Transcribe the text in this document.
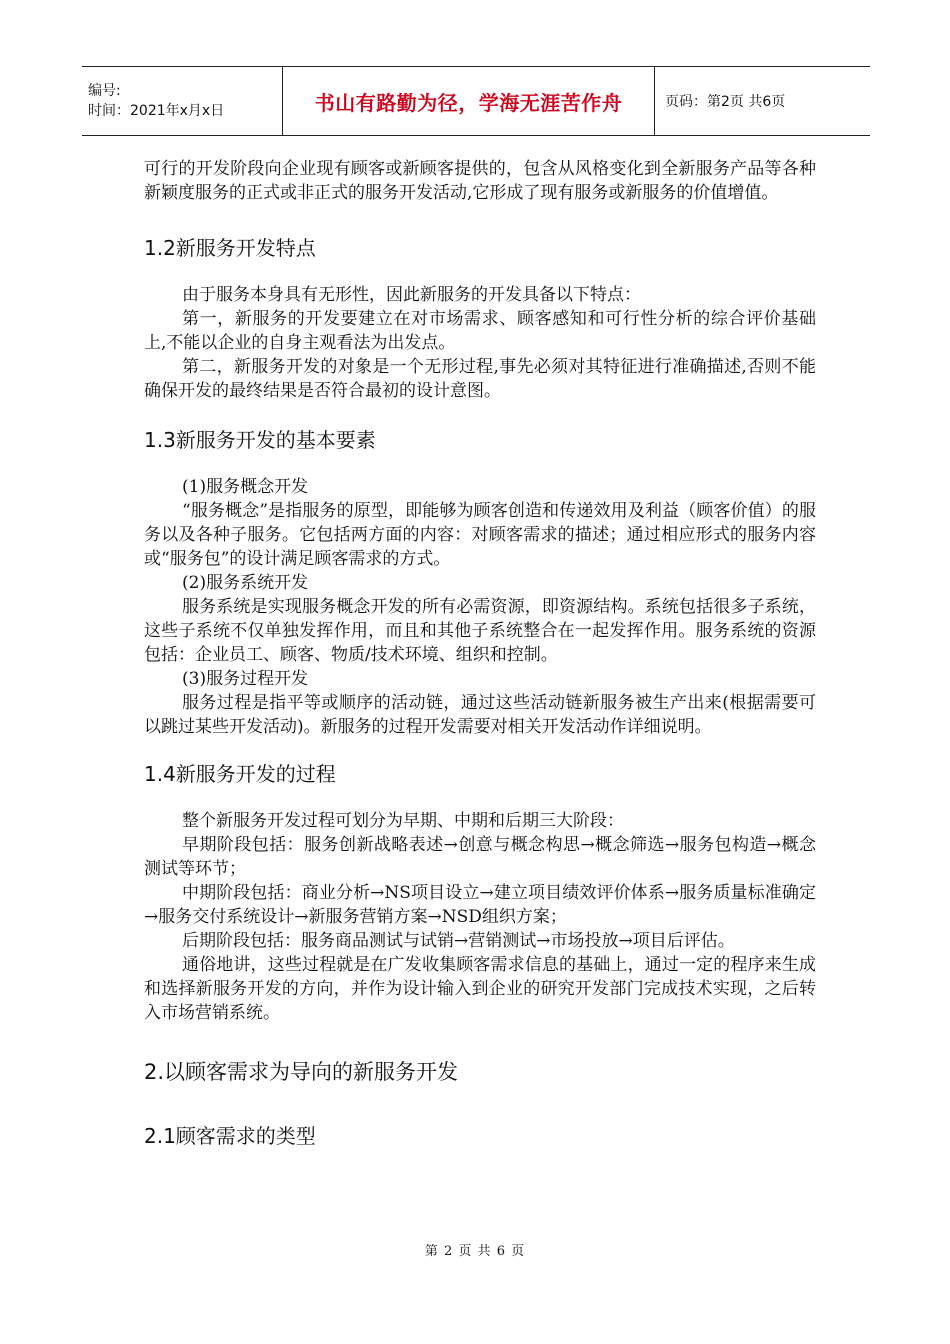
编号:
时间：2021年x月x日	书山有路勤为径，学海无涯苦作舟	页码：第2页 共6页

可行的开发阶段向企业现有顾客或新顾客提供的，包含从风格变化到全新服务产品等各种新颖度服务的正式或非正式的服务开发活动,它形成了现有服务或新服务的价值增值。

1.2新服务开发特点

由于服务本身具有无形性，因此新服务的开发具备以下特点：

第一，新服务的开发要建立在对市场需求、顾客感知和可行性分析的综合评价基础上,不能以企业的自身主观看法为出发点。

第二，新服务开发的对象是一个无形过程,事先必须对其特征进行准确描述,否则不能确保开发的最终结果是否符合最初的设计意图。

1.3新服务开发的基本要素

(1)服务概念开发

“服务概念”是指服务的原型，即能够为顾客创造和传递效用及利益（顾客价值）的服务以及各种子服务。它包括两方面的内容：对顾客需求的描述；通过相应形式的服务内容或“服务包”的设计满足顾客需求的方式。

(2)服务系统开发

服务系统是实现服务概念开发的所有必需资源，即资源结构。系统包括很多子系统，这些子系统不仅单独发挥作用，而且和其他子系统整合在一起发挥作用。服务系统的资源包括：企业员工、顾客、物质/技术环境、组织和控制。

(3)服务过程开发

服务过程是指平等或顺序的活动链，通过这些活动链新服务被生产出来(根据需要可以跳过某些开发活动)。新服务的过程开发需要对相关开发活动作详细说明。

1.4新服务开发的过程

整个新服务开发过程可划分为早期、中期和后期三大阶段：

早期阶段包括：服务创新战略表述→创意与概念构思→概念筛选→服务包构造→概念测试等环节；

中期阶段包括：商业分析→NS项目设立→建立项目绩效评价体系→服务质量标准确定→服务交付系统设计→新服务营销方案→NSD组织方案；

后期阶段包括：服务商品测试与试销→营销测试→市场投放→项目后评估。

通俗地讲，这些过程就是在广发收集顾客需求信息的基础上，通过一定的程序来生成和选择新服务开发的方向，并作为设计输入到企业的研究开发部门完成技术实现，之后转入市场营销系统。

2.以顾客需求为导向的新服务开发
2.1顾客需求的类型
第 2 页 共 6 页
